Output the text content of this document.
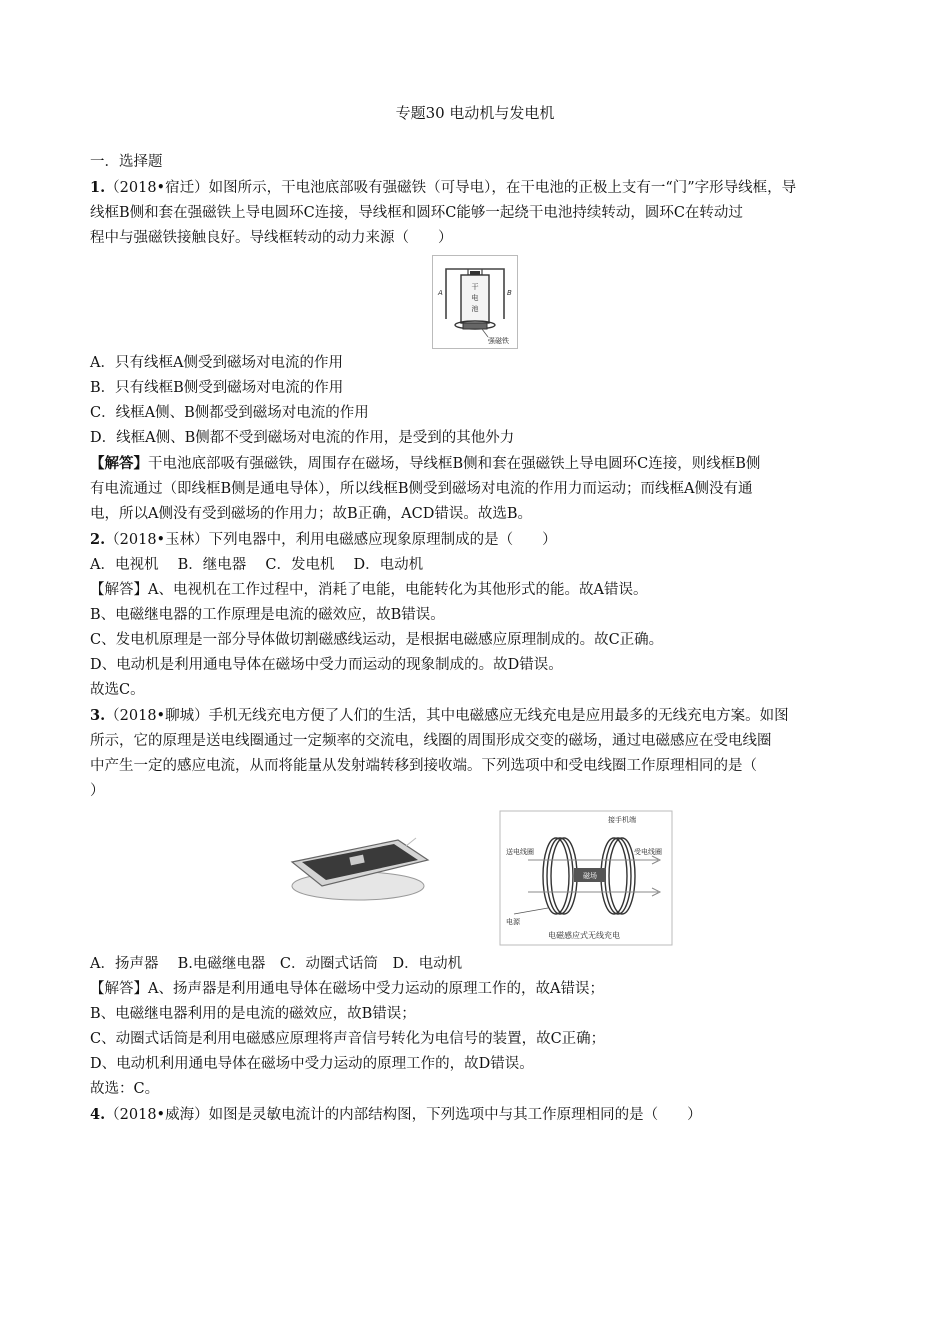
专题30 电动机与发电机
一．选择题
1.（2018•宿迁）如图所示，干电池底部吸有强磁铁（可导电），在干电池的正极上支有一“门”字形导线框，导
线框B侧和套在强磁铁上导电圆环C连接，导线框和圆环C能够一起绕干电池持续转动，圆环C在转动过
程中与强磁铁接触良好。导线框转动的动力来源（　　）
干
电
池
A	B
强磁铁
A．只有线框A侧受到磁场对电流的作用
B．只有线框B侧受到磁场对电流的作用
C．线框A侧、B侧都受到磁场对电流的作用
D．线框A侧、B侧都不受到磁场对电流的作用，是受到的其他外力
【解答】干电池底部吸有强磁铁，周围存在磁场，导线框B侧和套在强磁铁上导电圆环C连接，则线框B侧
有电流通过（即线框B侧是通电导体），所以线框B侧受到磁场对电流的作用力而运动；而线框A侧没有通
电，所以A侧没有受到磁场的作用力；故B正确，ACD错误。故选B。
2.（2018•玉林）下列电器中，利用电磁感应现象原理制成的是（　　）
A．电视机　 B．继电器　 C．发电机　 D．电动机
【解答】A、电视机在工作过程中，消耗了电能，电能转化为其他形式的能。故A错误。
B、电磁继电器的工作原理是电流的磁效应，故B错误。
C、发电机原理是一部分导体做切割磁感线运动，是根据电磁感应原理制成的。故C正确。
D、电动机是利用通电导体在磁场中受力而运动的现象制成的。故D错误。
故选C。
3.（2018•聊城）手机无线充电方便了人们的生活，其中电磁感应无线充电是应用最多的无线充电方案。如图
所示，它的原理是送电线圈通过一定频率的交流电，线圈的周围形成交变的磁场，通过电磁感应在受电线圈
中产生一定的感应电流，从而将能量从发射端转移到接收端。下列选项中和受电线圈工作原理相同的是（
）
磁场
接手机端
送电线圈	受电线圈
电源
电磁感应式无线充电
A．扬声器　 B.电磁继电器　C．动圈式话筒　D．电动机
【解答】A、扬声器是利用通电导体在磁场中受力运动的原理工作的，故A错误；
B、电磁继电器利用的是电流的磁效应，故B错误；
C、动圈式话筒是利用电磁感应原理将声音信号转化为电信号的装置，故C正确；
D、电动机利用通电导体在磁场中受力运动的原理工作的，故D错误。
故选：C。
4.（2018•威海）如图是灵敏电流计的内部结构图，下列选项中与其工作原理相同的是（　　）
